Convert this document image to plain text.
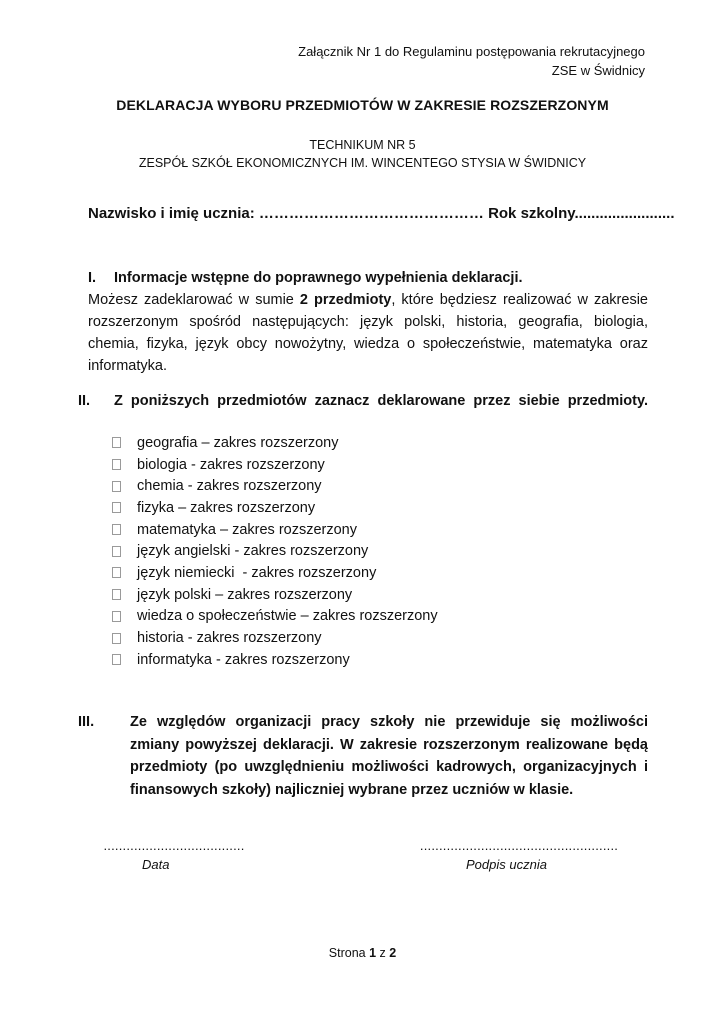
Załącznik Nr 1 do Regulaminu postępowania rekrutacyjnego
ZSE w Świdnicy
DEKLARACJA WYBORU PRZEDMIOTÓW W ZAKRESIE ROZSZERZONYM
TECHNIKUM NR 5
ZESPÓŁ SZKÓŁ EKONOMICZNYCH IM. WINCENTEGO STYSIA W ŚWIDNICY
Nazwisko i imię ucznia: ……………………………………… Rok szkolny........................
I.	Informacje wstępne do poprawnego wypełnienia deklaracji.
Możesz zadeklarować w sumie 2 przedmioty, które będziesz realizować w zakresie rozszerzonym spośród następujących: język polski, historia, geografia, biologia, chemia, fizyka, język obcy nowożytny, wiedza o społeczeństwie, matematyka oraz informatyka.
II.	Z poniższych przedmiotów zaznacz deklarowane przez siebie przedmioty.
geografia – zakres rozszerzony
biologia - zakres rozszerzony
chemia - zakres rozszerzony
fizyka – zakres rozszerzony
matematyka – zakres rozszerzony
język angielski - zakres rozszerzony
język niemiecki  - zakres rozszerzony
język polski – zakres rozszerzony
wiedza o społeczeństwie – zakres rozszerzony
historia - zakres rozszerzony
informatyka - zakres rozszerzony
III.	Ze względów organizacji pracy szkoły nie przewiduje się możliwości zmiany powyższej deklaracji. W zakresie rozszerzonym realizowane będą przedmioty (po uwzględnieniu możliwości kadrowych, organizacyjnych i finansowych szkoły) najliczniej wybrane przez uczniów w klasie.
.....................................
Data
....................................................
Podpis ucznia
Strona 1 z 2
